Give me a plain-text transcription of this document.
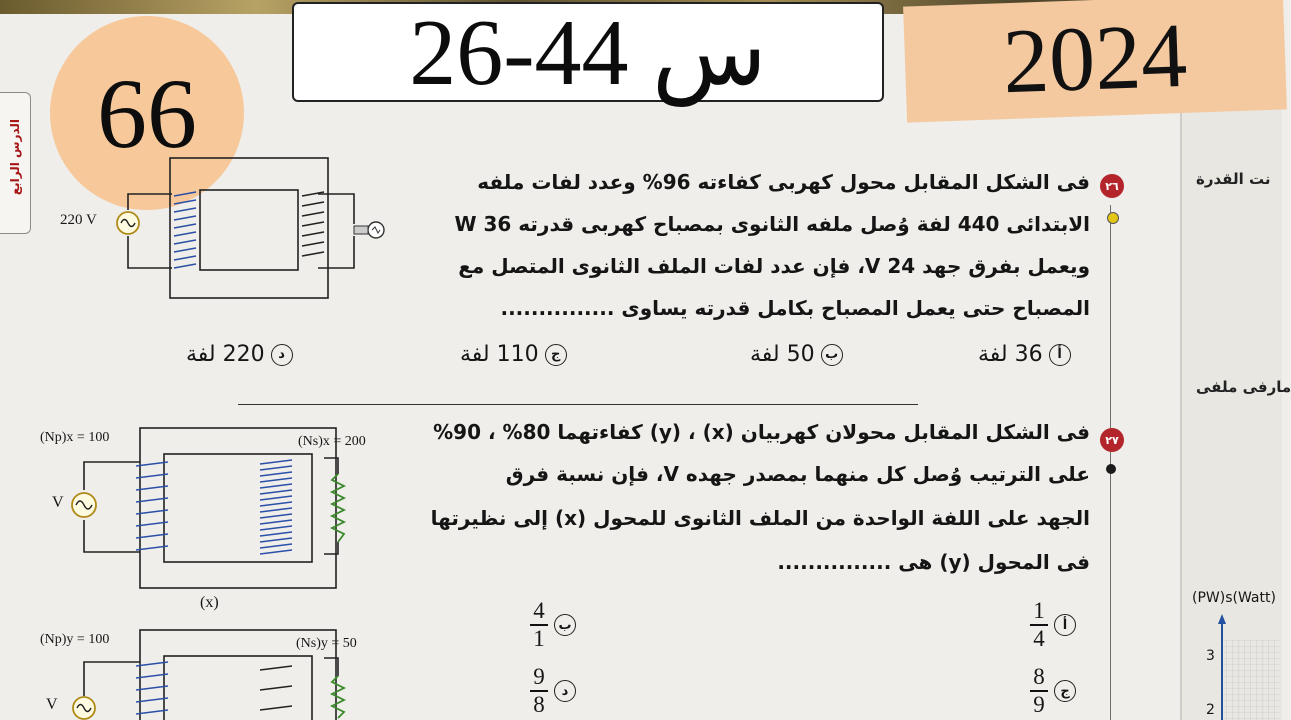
الدرس الرابع 66
س 44-26	2024
نت القدرة
مارفى ملفى
(PW)s(Watt)
3
2
٢٦
فى الشكل المقابل محول كهربى كفاءته 96% وعدد لفات ملفه
الابتدائى 440 لفة وُصل ملفه الثانوى بمصباح كهربى قدرته 36 W
ويعمل بفرق جهد 24 V، فإن عدد لفات الملف الثانوى المتصل مع
المصباح حتى يعمل المصباح بكامل قدرته يساوى ...............
أ
36 لفة
ب
50 لفة
ج
110 لفة
د
220 لفة
220 V
٢٧
فى الشكل المقابل محولان كهربيان (x) ، (y) كفاءتهما 80% ، 90%
على الترتيب وُصل كل منهما بمصدر جهده V، فإن نسبة فرق
الجهد على اللفة الواحدة من الملف الثانوى للمحول (x) إلى نظيرتها
فى المحول (y) هى ...............
أ
$\frac{1}{4}$
ب
$\frac{4}{1}$
ج
$\frac{8}{9}$
د
$\frac{9}{8}$
(Np)x = 100	(Ns)x = 200
V
(x)
(Np)y = 100	(Ns)y = 50
V
